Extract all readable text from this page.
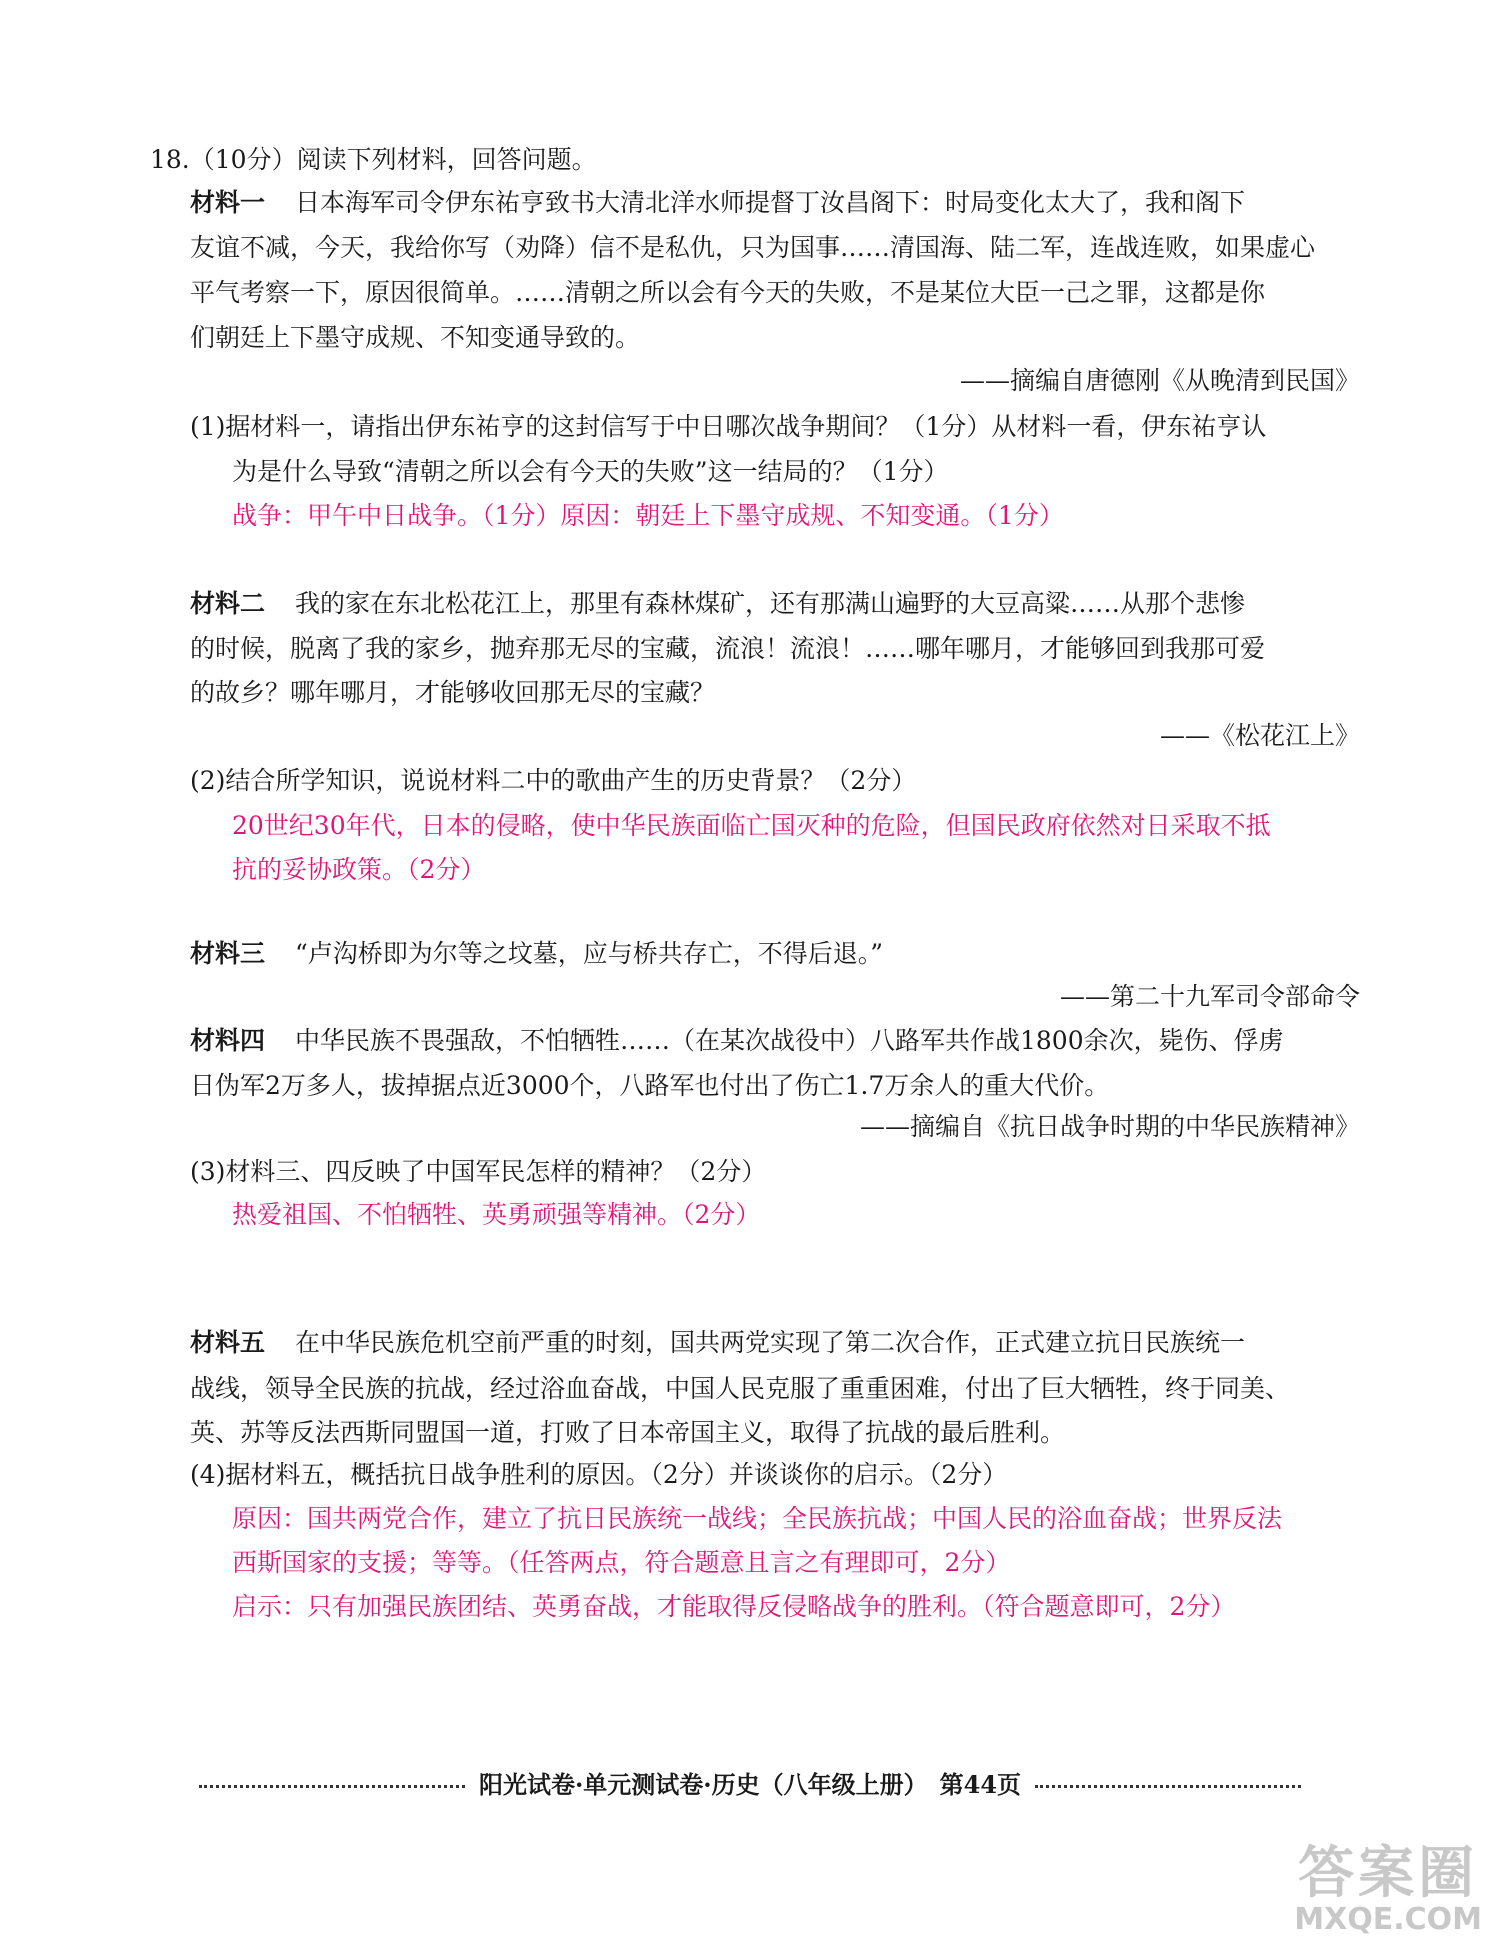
18.（10分）阅读下列材料，回答问题。
材料一 日本海军司令伊东祐亨致书大清北洋水师提督丁汝昌阁下：时局变化太大了，我和阁下
友谊不减，今天，我给你写（劝降）信不是私仇，只为国事……清国海、陆二军，连战连败，如果虚心
平气考察一下，原因很简单。……清朝之所以会有今天的失败，不是某位大臣一己之罪，这都是你
们朝廷上下墨守成规、不知变通导致的。
——摘编自唐德刚《从晚清到民国》
(1)据材料一，请指出伊东祐亨的这封信写于中日哪次战争期间？（1分）从材料一看，伊东祐亨认
为是什么导致“清朝之所以会有今天的失败”这一结局的？（1分）
战争：甲午中日战争。（1分）原因：朝廷上下墨守成规、不知变通。（1分）
材料二 我的家在东北松花江上，那里有森林煤矿，还有那满山遍野的大豆高粱……从那个悲惨
的时候，脱离了我的家乡，抛弃那无尽的宝藏，流浪！流浪！……哪年哪月，才能够回到我那可爱
的故乡？哪年哪月，才能够收回那无尽的宝藏？
——《松花江上》
(2)结合所学知识，说说材料二中的歌曲产生的历史背景？（2分）
20世纪30年代，日本的侵略，使中华民族面临亡国灭种的危险，但国民政府依然对日采取不抵
抗的妥协政策。（2分）
材料三 “卢沟桥即为尔等之坟墓，应与桥共存亡，不得后退。”
——第二十九军司令部命令
材料四 中华民族不畏强敌，不怕牺牲……（在某次战役中）八路军共作战1800余次，毙伤、俘虏
日伪军2万多人，拔掉据点近3000个，八路军也付出了伤亡1.7万余人的重大代价。
——摘编自《抗日战争时期的中华民族精神》
(3)材料三、四反映了中国军民怎样的精神？（2分）
热爱祖国、不怕牺牲、英勇顽强等精神。（2分）
材料五 在中华民族危机空前严重的时刻，国共两党实现了第二次合作，正式建立抗日民族统一
战线，领导全民族的抗战，经过浴血奋战，中国人民克服了重重困难，付出了巨大牺牲，终于同美、
英、苏等反法西斯同盟国一道，打败了日本帝国主义，取得了抗战的最后胜利。
(4)据材料五，概括抗日战争胜利的原因。（2分）并谈谈你的启示。（2分）
原因：国共两党合作，建立了抗日民族统一战线；全民族抗战；中国人民的浴血奋战；世界反法
西斯国家的支援；等等。（任答两点，符合题意且言之有理即可，2分）
启示：只有加强民族团结、英勇奋战，才能取得反侵略战争的胜利。（符合题意即可，2分）
阳光试卷·单元测试卷·历史（八年级上册）　第44页
答案圈
MXQE.COM
